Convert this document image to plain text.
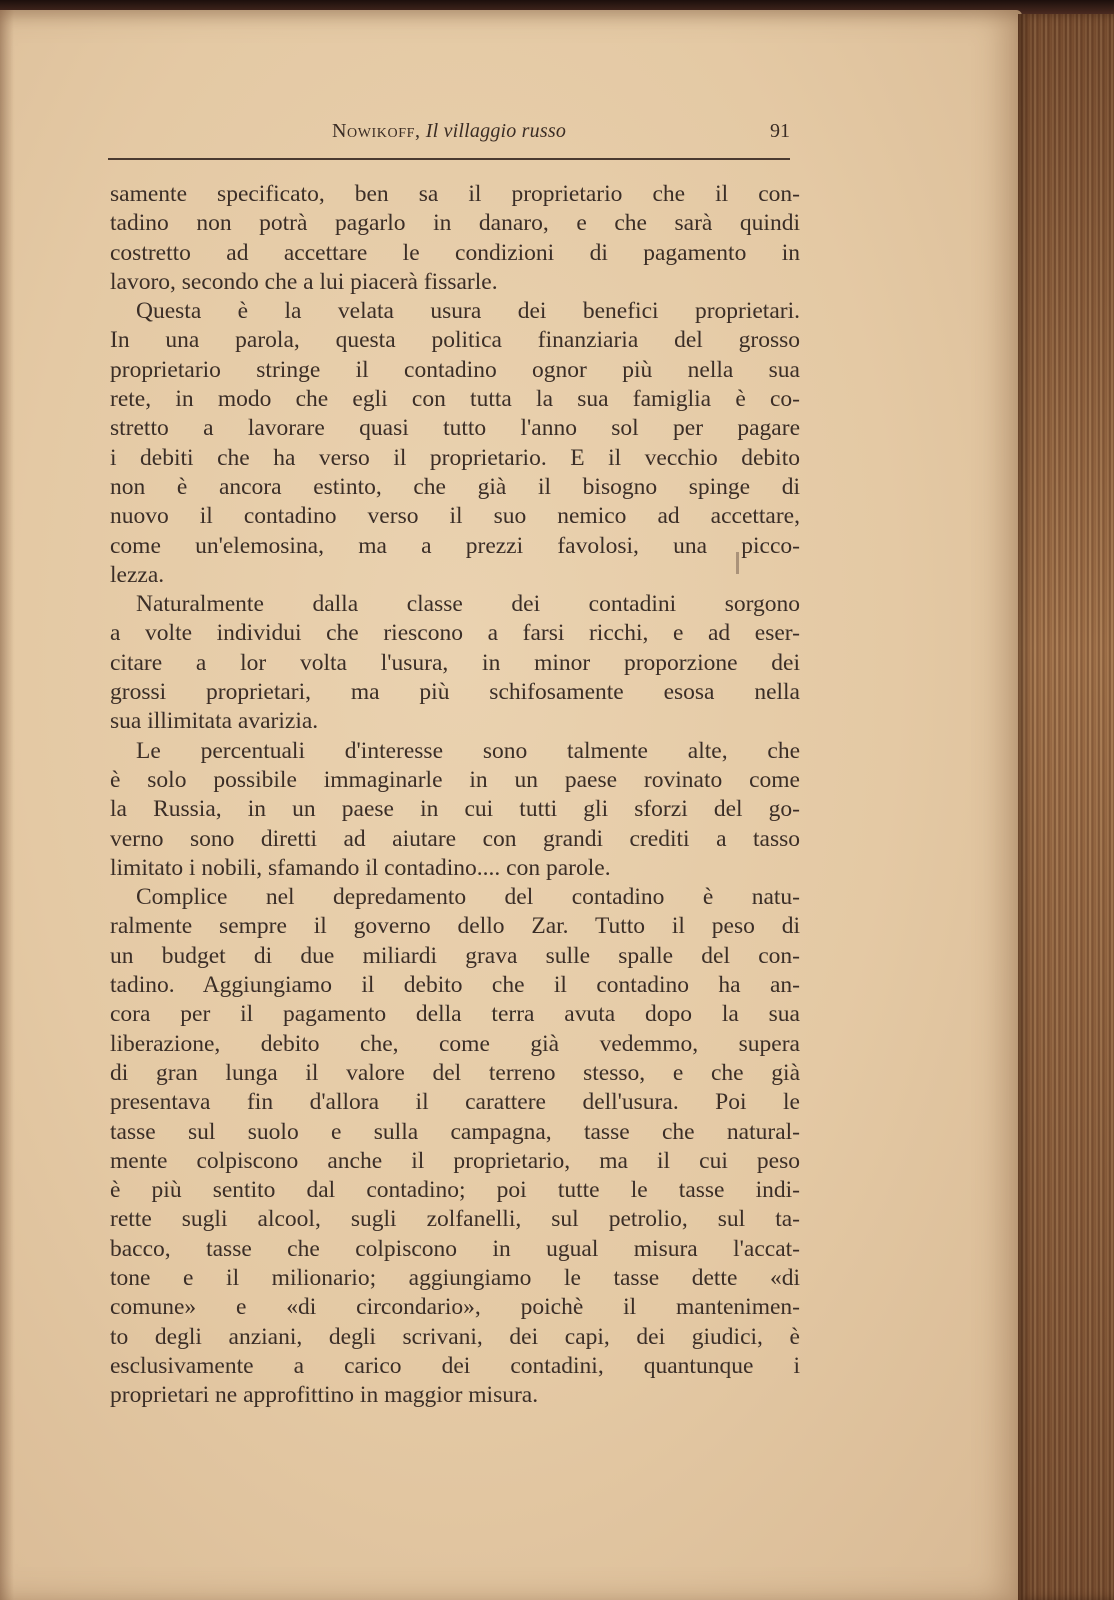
Nowikoff, Il villaggio russo	91
samente specificato, ben sa il proprietario che il con-
tadino non potrà pagarlo in danaro, e che sarà quindi
costretto ad accettare le condizioni di pagamento in
lavoro, secondo che a lui piacerà fissarle.
Questa è la velata usura dei benefici proprietari.
In una parola, questa politica finanziaria del grosso
proprietario stringe il contadino ognor più nella sua
rete, in modo che egli con tutta la sua famiglia è co-
stretto a lavorare quasi tutto l'anno sol per pagare
i debiti che ha verso il proprietario. E il vecchio debito
non è ancora estinto, che già il bisogno spinge di
nuovo il contadino verso il suo nemico ad accettare,
come un'elemosina, ma a prezzi favolosi, una picco-
lezza.
Naturalmente dalla classe dei contadini sorgono
a volte individui che riescono a farsi ricchi, e ad eser-
citare a lor volta l'usura, in minor proporzione dei
grossi proprietari, ma più schifosamente esosa nella
sua illimitata avarizia.
Le percentuali d'interesse sono talmente alte, che
è solo possibile immaginarle in un paese rovinato come
la Russia, in un paese in cui tutti gli sforzi del go-
verno sono diretti ad aiutare con grandi crediti a tasso
limitato i nobili, sfamando il contadino.... con parole.
Complice nel depredamento del contadino è natu-
ralmente sempre il governo dello Zar. Tutto il peso di
un budget di due miliardi grava sulle spalle del con-
tadino. Aggiungiamo il debito che il contadino ha an-
cora per il pagamento della terra avuta dopo la sua
liberazione, debito che, come già vedemmo, supera
di gran lunga il valore del terreno stesso, e che già
presentava fin d'allora il carattere dell'usura. Poi le
tasse sul suolo e sulla campagna, tasse che natural-
mente colpiscono anche il proprietario, ma il cui peso
è più sentito dal contadino; poi tutte le tasse indi-
rette sugli alcool, sugli zolfanelli, sul petrolio, sul ta-
bacco, tasse che colpiscono in ugual misura l'accat-
tone e il milionario; aggiungiamo le tasse dette «di
comune» e «di circondario», poichè il mantenimen-
to degli anziani, degli scrivani, dei capi, dei giudici, è
esclusivamente a carico dei contadini, quantunque i
proprietari ne approfittino in maggior misura.
